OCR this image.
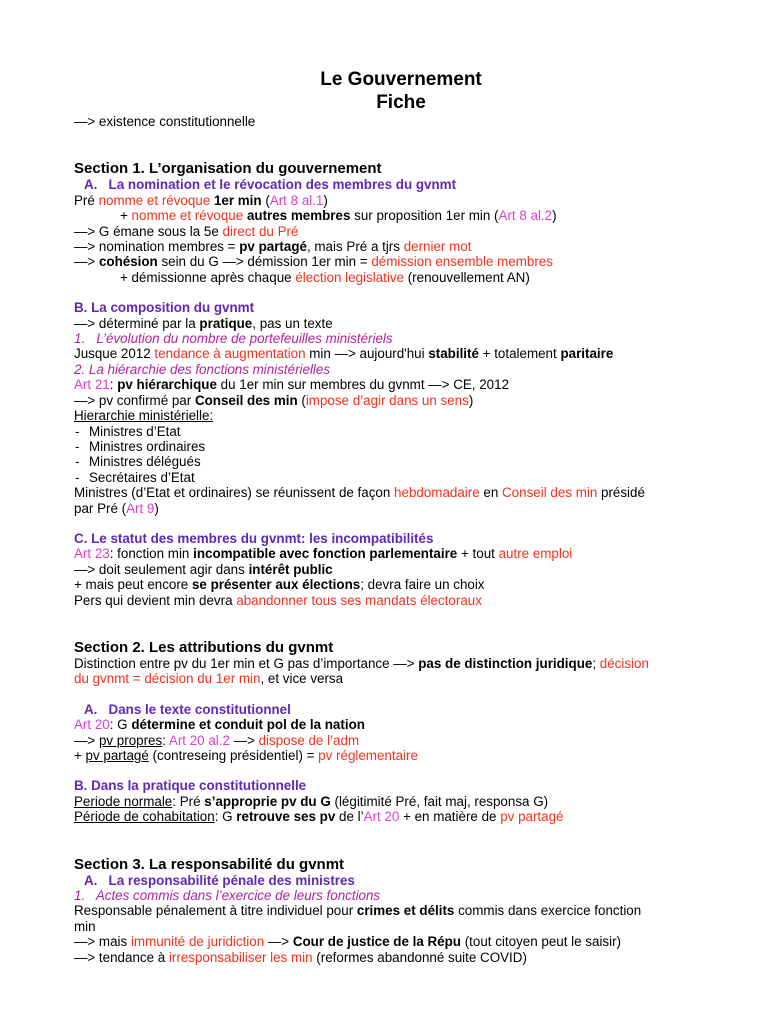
Le Gouvernement
Fiche
—> existence constitutionnelle
Section 1. L’organisation du gouvernement
A.   La nomination et le révocation des membres du gvnmt
Pré nomme et révoque 1er min (Art 8 al.1)
+ nomme et révoque autres membres sur proposition 1er min (Art 8 al.2)
—> G émane sous la 5e direct du Pré
—> nomination membres = pv partagé, mais Pré a tjrs dernier mot
—> cohésion sein du G —> démission 1er min = démission ensemble membres
+ démissionne après chaque élection legislative (renouvellement AN)
B. La composition du gvnmt
—> déterminé par la pratique, pas un texte
1.   L’évolution du nombre de portefeuilles ministériels
Jusque 2012 tendance à augmentation min —> aujourd'hui stabilité + totalement paritaire
2. La hiérarchie des fonctions ministérielles
Art 21: pv hiérarchique du 1er min sur membres du gvnmt —> CE, 2012
—> pv confirmé par Conseil des min (impose d’agir dans un sens)
Hierarchie ministérielle:
- Ministres d’Etat
- Ministres ordinaires
- Ministres délégués
- Secrétaires d’Etat
Ministres (d’Etat et ordinaires) se réunissent de façon hebdomadaire en Conseil des min présidé
par Pré (Art 9)
C. Le statut des membres du gvnmt: les incompatibilités
Art 23: fonction min incompatible avec fonction parlementaire + tout autre emploi
—> doit seulement agir dans intérêt public
+ mais peut encore se présenter aux élections; devra faire un choix
Pers qui devient min devra abandonner tous ses mandats électoraux
Section 2. Les attributions du gvnmt
Distinction entre pv du 1er min et G pas d’importance —> pas de distinction juridique; décision
du gvnmt = décision du 1er min, et vice versa
A.   Dans le texte constitutionnel
Art 20: G détermine et conduit pol de la nation
—> pv propres: Art 20 al.2 —> dispose de l’adm
+ pv partagé (contreseing présidentiel) = pv réglementaire
B. Dans la pratique constitutionnelle
Periode normale: Pré s’approprie pv du G (légitimité Pré, fait maj, responsa G)
Période de cohabitation: G retrouve ses pv de l’Art 20 + en matière de pv partagé
Section 3. La responsabilité du gvnmt
A.   La responsabilité pénale des ministres
1.   Actes commis dans l’exercice de leurs fonctions
Responsable pénalement à titre individuel pour crimes et délits commis dans exercice fonction
min
—> mais immunité de juridiction —> Cour de justice de la Répu (tout citoyen peut le saisir)
—> tendance à irresponsabiliser les min (reformes abandonné suite COVID)
